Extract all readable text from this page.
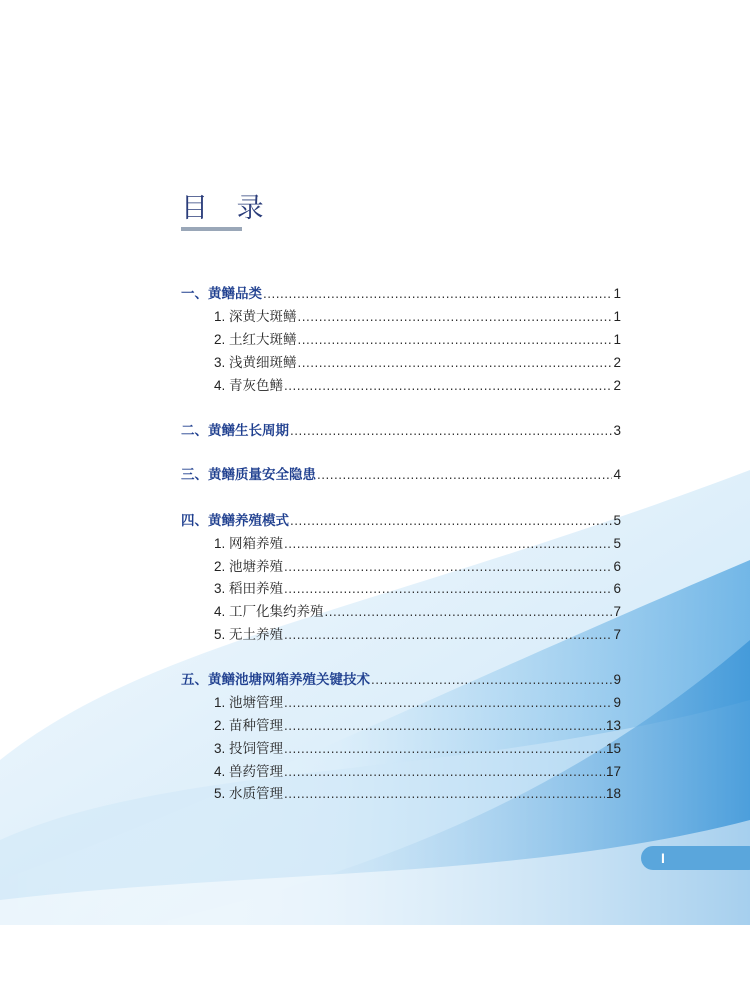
目 录
一、黄鳝品类 .....	1
1. 深黄大斑鳝 .....	1
2. 土红大斑鳝 .....	1
3. 浅黄细斑鳝 .....	2
4. 青灰色鳝 .....	2
二、黄鳝生长周期 .....	3
三、黄鳝质量安全隐患 .....	4
四、黄鳝养殖模式 .....	5
1. 网箱养殖 .....	5
2. 池塘养殖 .....	6
3. 稻田养殖 .....	6
4. 工厂化集约养殖 .....	7
5. 无土养殖 .....	7
五、黄鳝池塘网箱养殖关键技术 .....	9
1. 池塘管理 .....	9
2. 苗种管理 .....	13
3. 投饲管理 .....	15
4. 兽药管理 .....	17
5. 水质管理 .....	18
I
